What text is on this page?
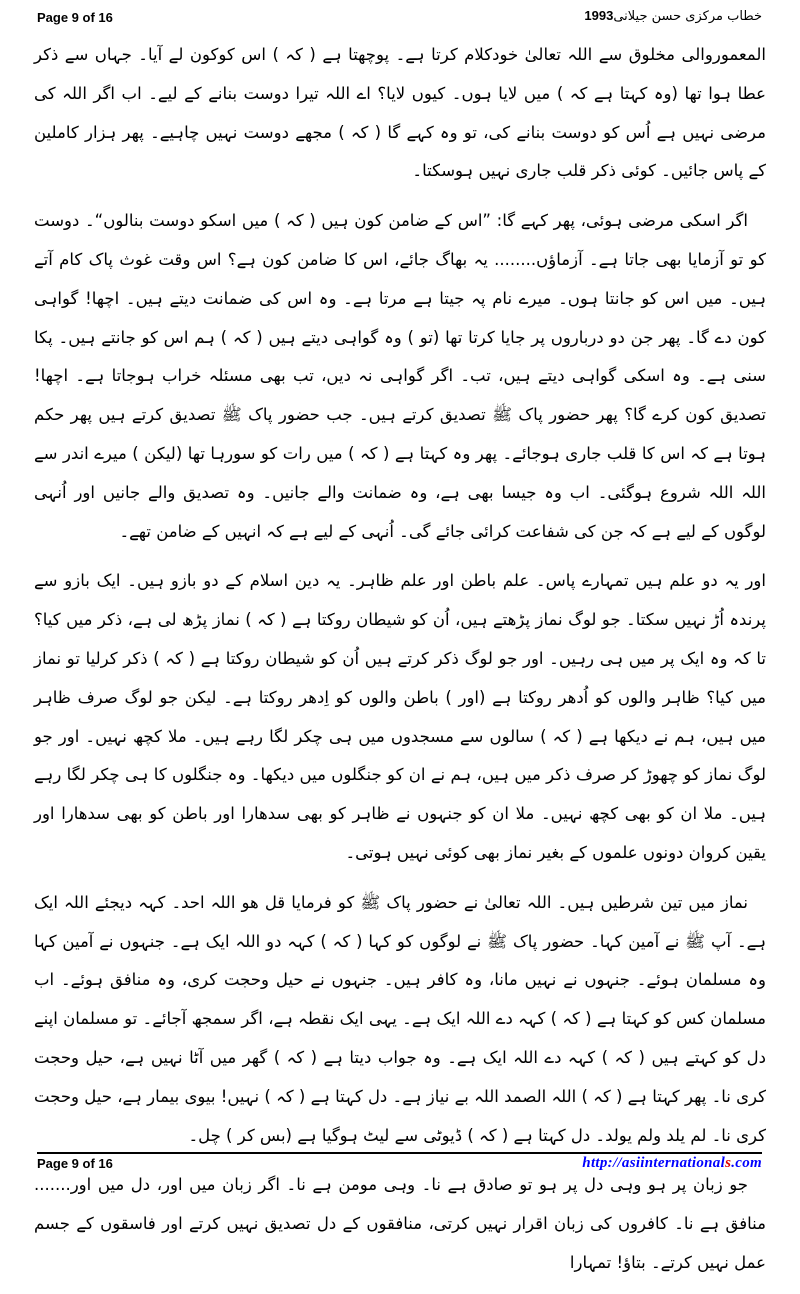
Page 9 of 16	خطاب مرکزی حسن جیلانی1993

المعموروالی مخلوق سے اللہ تعالیٰ خودکلام کرتا ہے۔ پوچھتا ہے ( کہ ) اس کوکون لے آیا۔ جہاں سے ذکر عطا ہوا تھا (وہ کہتا ہے کہ ) میں لایا ہوں۔ کیوں لایا؟ اے اللہ تیرا دوست بنانے کے لیے۔ اب اگر اللہ کی مرضی نہیں ہے اُس کو دوست بنانے کی، تو وہ کہے گا ( کہ ) مجھے دوست نہیں چاہیے۔ پھر ہزار کاملین کے پاس جائیں۔ کوئی ذکر قلب جاری نہیں ہوسکتا۔

اگر اسکی مرضی ہوئی، پھر کہے گا: ”اس کے ضامن کون ہیں ( کہ ) میں اسکو دوست بنالوں“۔ دوست کو تو آزمایا بھی جاتا ہے۔ آزماؤں........ یہ بھاگ جائے، اس کا ضامن کون ہے؟ اس وقت غوث پاک کام آتے ہیں۔ میں اس کو جانتا ہوں۔ میرے نام پہ جیتا ہے مرتا ہے۔ وہ اس کی ضمانت دیتے ہیں۔ اچھا! گواہی کون دے گا۔ پھر جن دو درباروں پر جایا کرتا تھا (تو ) وہ گواہی دیتے ہیں ( کہ ) ہم اس کو جانتے ہیں۔ پکا سنی ہے۔ وہ اسکی گواہی دیتے ہیں، تب۔ اگر گواہی نہ دیں، تب بھی مسئلہ خراب ہوجاتا ہے۔ اچھا! تصدیق کون کرے گا؟ پھر حضور پاک ﷺ تصدیق کرتے ہیں۔ جب حضور پاک ﷺ تصدیق کرتے ہیں پھر حکم ہوتا ہے کہ اس کا قلب جاری ہوجائے۔ پھر وہ کہتا ہے ( کہ ) میں رات کو سورہا تھا (لیکن ) میرے اندر سے اللہ اللہ شروع ہوگئی۔ اب وہ جیسا بھی ہے، وہ ضمانت والے جانیں۔ وہ تصدیق والے جانیں اور اُنہی لوگوں کے لیے ہے کہ جن کی شفاعت کرائی جائے گی۔ اُنہی کے لیے ہے کہ انہیں کے ضامن تھے۔

اور یہ دو علم ہیں تمہارے پاس۔ علم باطن اور علم ظاہر۔ یہ دین اسلام کے دو بازو ہیں۔ ایک بازو سے پرندہ اُڑ نہیں سکتا۔ جو لوگ نماز پڑھتے ہیں، اُن کو شیطان روکتا ہے ( کہ ) نماز پڑھ لی ہے، ذکر میں کیا؟ تا کہ وہ ایک پر میں ہی رہیں۔ اور جو لوگ ذکر کرتے ہیں اُن کو شیطان روکتا ہے ( کہ ) ذکر کرلیا تو نماز میں کیا؟ ظاہر والوں کو اُدھر روکتا ہے (اور ) باطن والوں کو اِدھر روکتا ہے۔ لیکن جو لوگ صرف ظاہر میں ہیں، ہم نے دیکھا ہے ( کہ ) سالوں سے مسجدوں میں ہی چکر لگا رہے ہیں۔ ملا کچھ نہیں۔ اور جو لوگ نماز کو چھوڑ کر صرف ذکر میں ہیں، ہم نے ان کو جنگلوں میں دیکھا۔ وہ جنگلوں کا ہی چکر لگا رہے ہیں۔ ملا ان کو بھی کچھ نہیں۔ ملا ان کو جنہوں نے ظاہر کو بھی سدھارا اور باطن کو بھی سدھارا اور یقین کروان دونوں علموں کے بغیر نماز بھی کوئی نہیں ہوتی۔

نماز میں تین شرطیں ہیں۔ اللہ تعالیٰ نے حضور پاک ﷺ کو فرمایا قل ھو اللہ احد۔ کہہ دیجئے اللہ ایک ہے۔ آپ ﷺ نے آمین کہا۔ حضور پاک ﷺ نے لوگوں کو کہا ( کہ ) کہہ دو اللہ ایک ہے۔ جنہوں نے آمین کہا وہ مسلمان ہوئے۔ جنہوں نے نہیں مانا، وہ کافر ہیں۔ جنہوں نے حیل وحجت کری، وہ منافق ہوئے۔ اب مسلمان کس کو کہتا ہے ( کہ ) کہہ دے اللہ ایک ہے۔ یہی ایک نقطہ ہے، اگر سمجھ آجائے۔ تو مسلمان اپنے دل کو کہتے ہیں ( کہ ) کہہ دے اللہ ایک ہے۔ وہ جواب دیتا ہے ( کہ ) گھر میں آٹا نہیں ہے، حیل وحجت کری نا۔ پھر کہتا ہے ( کہ ) اللہ الصمد اللہ بے نیاز ہے۔ دل کہتا ہے ( کہ ) نہیں! بیوی بیمار ہے، حیل وحجت کری نا۔ لم یلد ولم یولد۔ دل کہتا ہے ( کہ ) ڈیوٹی سے لیٹ ہوگیا ہے (بس کر ) چل۔

جو زبان پر ہو وہی دل پر ہو تو صادق ہے نا۔ وہی مومن ہے نا۔ اگر زبان میں اور، دل میں اور....... منافق ہے نا۔ کافروں کی زبان اقرار نہیں کرتی، منافقوں کے دل تصدیق نہیں کرتے اور فاسقوں کے جسم عمل نہیں کرتے۔ بتاؤ! تمہارا

Page 9 of 16	http://asiinternationals.com
